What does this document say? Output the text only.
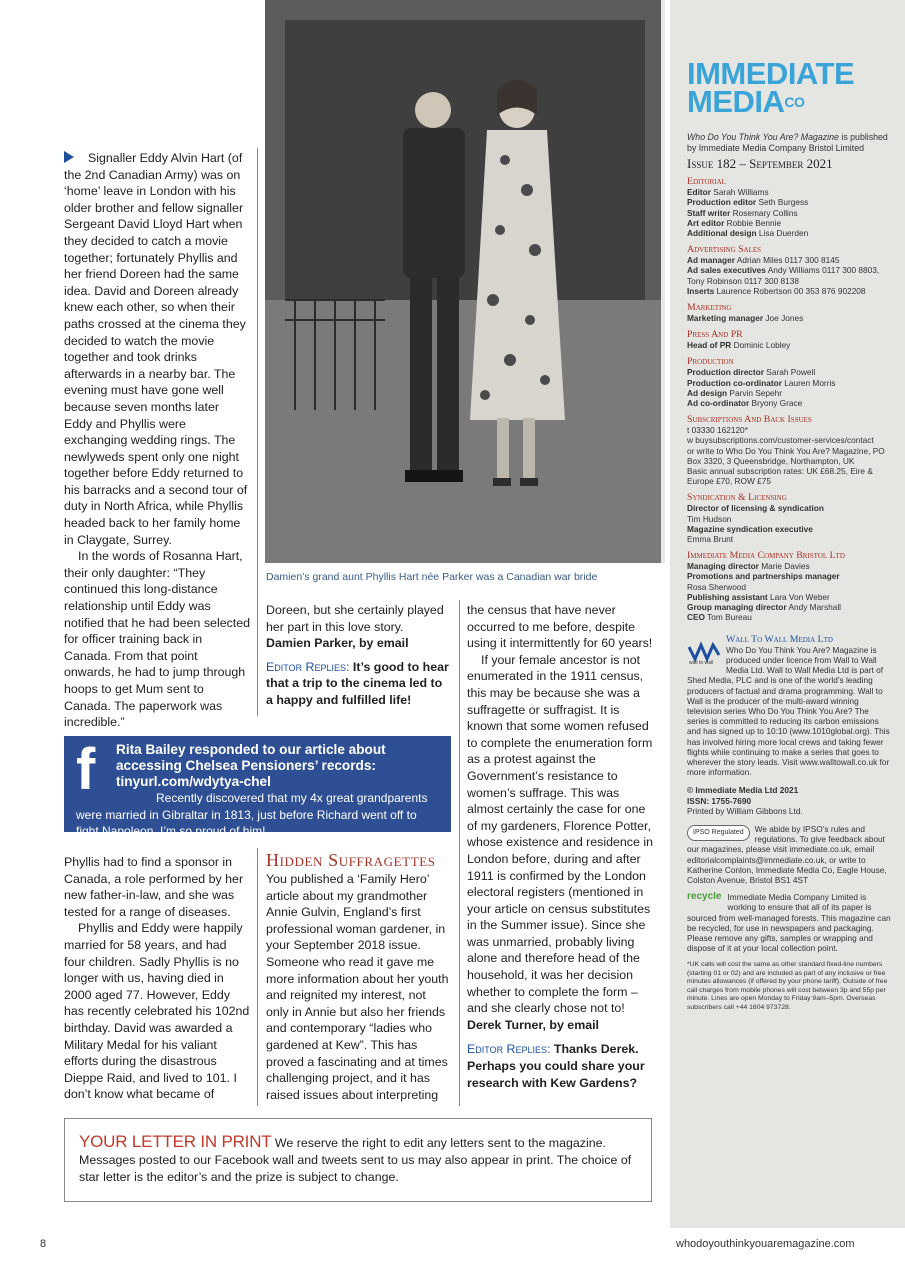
Signaller Eddy Alvin Hart (of the 2nd Canadian Army) was on ‘home’ leave in London with his older brother and fellow signaller Sergeant David Lloyd Hart when they decided to catch a movie together; fortunately Phyllis and her friend Doreen had the same idea. David and Doreen already knew each other, so when their paths crossed at the cinema they decided to watch the movie together and took drinks afterwards in a nearby bar. The evening must have gone well because seven months later Eddy and Phyllis were exchanging wedding rings. The newlyweds spent only one night together before Eddy returned to his barracks and a second tour of duty in North Africa, while Phyllis headed back to her family home in Claygate, Surrey.

In the words of Rosanna Hart, their only daughter: “They continued this long-distance relationship until Eddy was notified that he had been selected for officer training back in Canada. From that point onwards, he had to jump through hoops to get Mum sent to Canada. The paperwork was incredible.”

Damien’s grand aunt Phyllis Hart née Parker was a Canadian war bride

Doreen, but she certainly played her part in this love story.

Damien Parker, by email

Editor Replies: It’s good to hear that a trip to the cinema led to a happy and fulfilled life!

f Rita Bailey responded to our article about accessing Chelsea Pensioners’ records: tinyurl.com/wdytya-chel
Recently discovered that my 4x great grandparents were married in Gibraltar in 1813, just before Richard went off to fight Napoleon. I’m so proud of him!

Phyllis had to find a sponsor in Canada, a role performed by her new father-in-law, and she was tested for a range of diseases.

Phyllis and Eddy were happily married for 58 years, and had four children. Sadly Phyllis is no longer with us, having died in 2000 aged 77. However, Eddy has recently celebrated his 102nd birthday. David was awarded a Military Medal for his valiant efforts during the disastrous Dieppe Raid, and lived to 101. I don’t know what became of

Hidden Suffragettes

You published a ‘Family Hero’ article about my grandmother Annie Gulvin, England’s first professional woman gardener, in your September 2018 issue. Someone who read it gave me more information about her youth and reignited my interest, not only in Annie but also her friends and contemporary “ladies who gardened at Kew”. This has proved a fascinating and at times challenging project, and it has raised issues about interpreting

the census that have never occurred to me before, despite using it intermittently for 60 years!

If your female ancestor is not enumerated in the 1911 census, this may be because she was a suffragette or suffragist. It is known that some women refused to complete the enumeration form as a protest against the Government’s resistance to women’s suffrage. This was almost certainly the case for one of my gardeners, Florence Potter, whose existence and residence in London before, during and after 1911 is confirmed by the London electoral registers (mentioned in your article on census substitutes in the Summer issue). Since she was unmarried, probably living alone and therefore head of the household, it was her decision whether to complete the form – and she clearly chose not to!

Derek Turner, by email

Editor Replies: Thanks Derek. Perhaps you could share your research with Kew Gardens?

YOUR LETTER IN PRINT We reserve the right to edit any letters sent to the magazine. Messages posted to our Facebook wall and tweets sent to us may also appear in print. The choice of star letter is the editor’s and the prize is subject to change.
IMMEDIATE
$MEDIA^{CO}$
Who Do You Think You Are? Magazine is published by Immediate Media Company Bristol Limited
Issue 182 – September 2021
Editorial
Editor Sarah Williams
Production editor Seth Burgess
Staff writer Rosemary Collins
Art editor Robbie Bennie
Additional design Lisa Duerden
Advertising Sales
Ad manager Adrian Miles 0117 300 8145
Ad sales executives Andy Williams 0117 300 8803, Tony Robinson 0117 300 8138
Inserts Laurence Robertson 00 353 876 902208
Marketing
Marketing manager Joe Jones
Press And PR
Head of PR Dominic Lobley
Production
Production director Sarah Powell
Production co-ordinator Lauren Morris
Ad design Parvin Sepehr
Ad co-ordinator Bryony Grace
Subscriptions And Back Issues
t 03330 162120*
w buysubscriptions.com/customer-services/contact
or write to Who Do You Think You Are? Magazine, PO Box 3320, 3 Queensbridge, Northampton, UK
Basic annual subscription rates: UK £68.25, Eire & Europe £70, ROW £75
Syndication & Licensing
Director of licensing & syndication
Tim Hudson
Magazine syndication executive
Emma Brunt
Immediate Media Company Bristol Ltd
Managing director Marie Davies
Promotions and partnerships manager
Rosa Sherwood
Publishing assistant Lara Von Weber
Group managing director Andy Marshall
CEO Tom Bureau
wall to wall
Wall To Wall Media Ltd
Who Do You Think You Are? Magazine is produced under licence from Wall to Wall Media Ltd. Wall to Wall Media Ltd is part of Shed Media, PLC and is one of the world’s leading producers of factual and drama programming. Wall to Wall is the producer of the multi-award winning television series Who Do You Think You Are? The series is committed to reducing its carbon emissions and has signed up to 10:10 (www.1010global.org). This has involved hiring more local crews and taking fewer flights while continuing to make a series that goes to wherever the story leads. Visit www.walltowall.co.uk for more information.
© Immediate Media Ltd 2021
ISSN: 1755-7690
Printed by William Gibbons Ltd.
IPSO Regulated	We abide by IPSO’s rules and regulations. To give feedback about our magazines, please visit immediate.co.uk, email editorialcomplaints@immediate.co.uk, or write to Katherine Conlon, Immediate Media Co, Eagle House, Colston Avenue, Bristol BS1 4ST
recycle Immediate Media Company Limited is working to ensure that all of its paper is sourced from well-managed forests. This magazine can be recycled, for use in newspapers and packaging. Please remove any gifts, samples or wrapping and dispose of it at your local collection point.
*UK calls will cost the same as other standard fixed-line numbers (starting 01 or 02) and are included as part of any inclusive or free minutes allowances (if offered by your phone tariff). Outside of free call charges from mobile phones will cost between 3p and 55p per minute. Lines are open Monday to Friday 9am–5pm. Overseas subscribers call +44 1604 973728.
8	whodoyouthinkyouaremagazine.com
